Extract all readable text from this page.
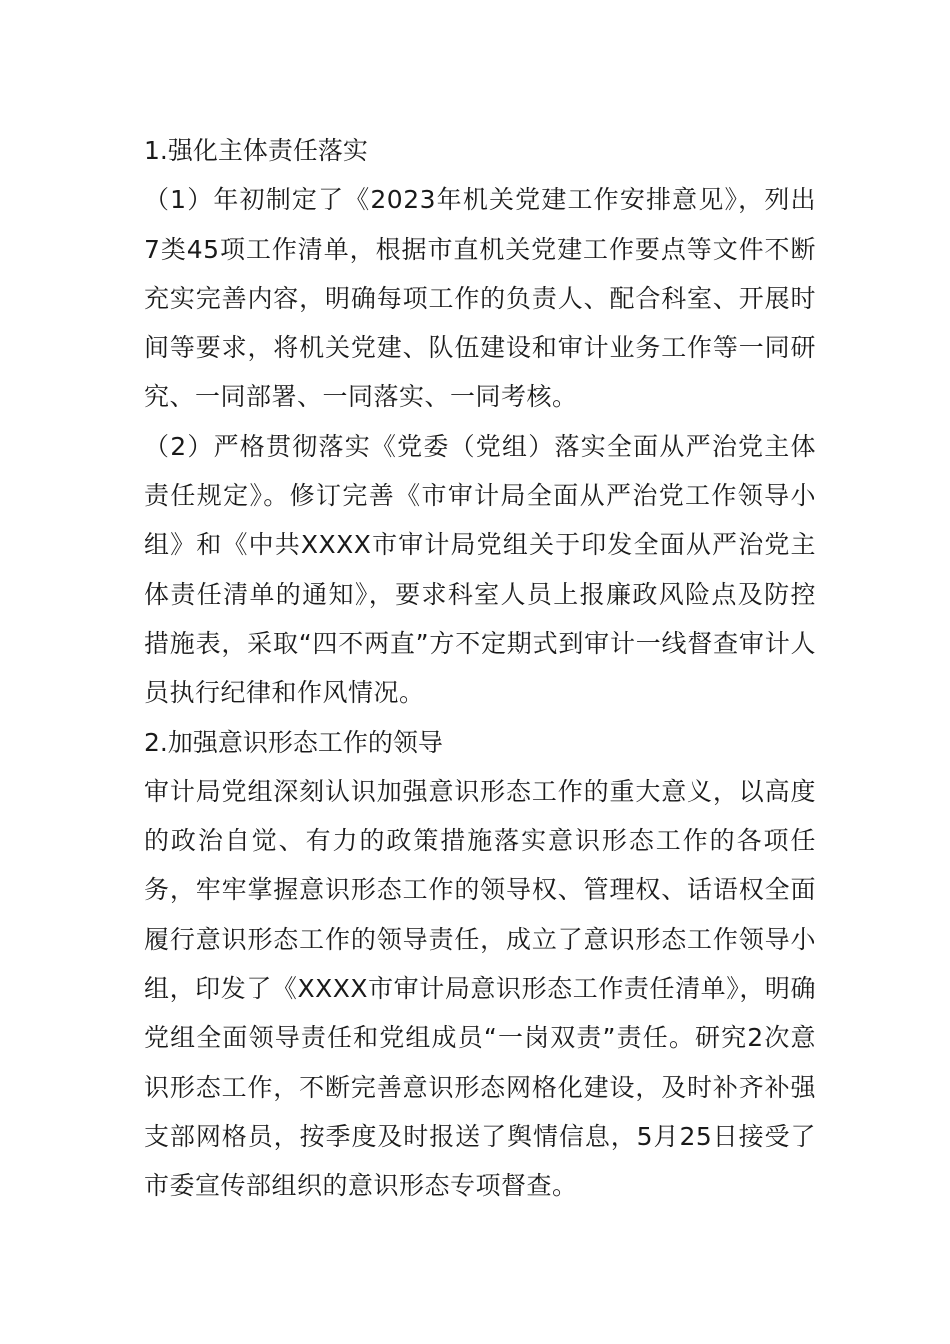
1.强化主体责任落实

（1）年初制定了《2023年机关党建工作安排意见》，列出7类45项工作清单，根据市直机关党建工作要点等文件不断充实完善内容，明确每项工作的负责人、配合科室、开展时间等要求，将机关党建、队伍建设和审计业务工作等一同研究、一同部署、一同落实、一同考核。

（2）严格贯彻落实《党委（党组）落实全面从严治党主体责任规定》。修订完善《市审计局全面从严治党工作领导小组》和《中共XXXX市审计局党组关于印发全面从严治党主体责任清单的通知》，要求科室人员上报廉政风险点及防控措施表，采取“四不两直”方不定期式到审计一线督查审计人员执行纪律和作风情况。

2.加强意识形态工作的领导

审计局党组深刻认识加强意识形态工作的重大意义，以高度的政治自觉、有力的政策措施落实意识形态工作的各项任务，牢牢掌握意识形态工作的领导权、管理权、话语权全面履行意识形态工作的领导责任，成立了意识形态工作领导小组，印发了《XXXX市审计局意识形态工作责任清单》，明确党组全面领导责任和党组成员“一岗双责”责任。研究2次意识形态工作，不断完善意识形态网格化建设，及时补齐补强支部网格员，按季度及时报送了舆情信息，5月25日接受了市委宣传部组织的意识形态专项督查。
